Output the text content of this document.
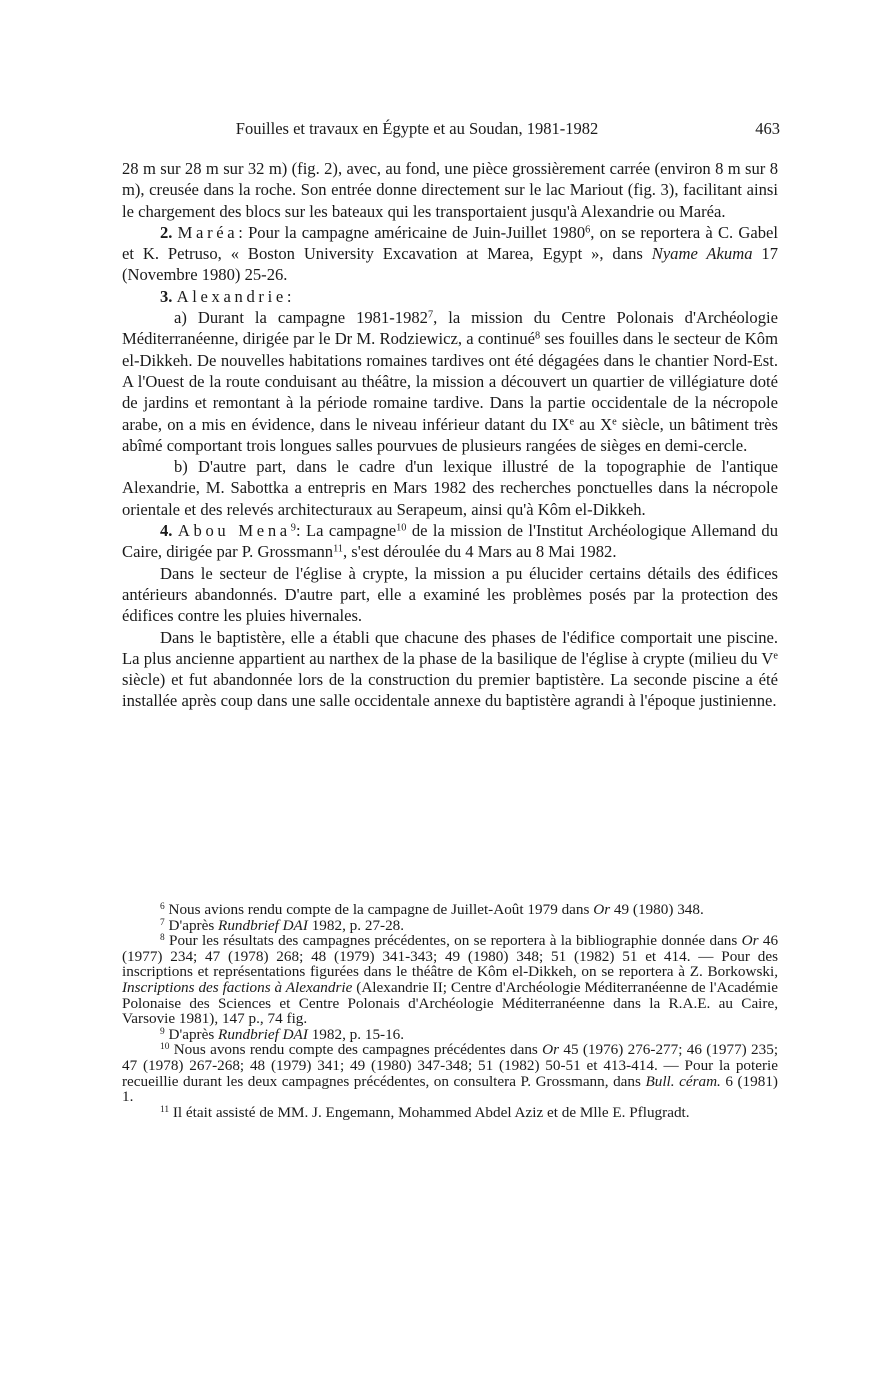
Fouilles et travaux en Égypte et au Soudan, 1981-1982	463

28 m sur 28 m sur 32 m) (fig. 2), avec, au fond, une pièce grossièrement carrée (environ 8 m sur 8 m), creusée dans la roche. Son entrée donne directement sur le lac Mariout (fig. 3), facilitant ainsi le chargement des blocs sur les bateaux qui les transportaient jusqu'à Alexandrie ou Maréa.

2. Maréa: Pour la campagne américaine de Juin-Juillet 1980$^6$, on se reportera à C. Gabel et K. Petruso, « Boston University Excavation at Marea, Egypt », dans Nyame Akuma 17 (Novembre 1980) 25-26.

3. Alexandrie:

a) Durant la campagne 1981-1982$^7$, la mission du Centre Polonais d'Archéologie Méditerranéenne, dirigée par le Dr M. Rodziewicz, a continué$^8$ ses fouilles dans le secteur de Kôm el-Dikkeh. De nouvelles habitations romaines tardives ont été dégagées dans le chantier Nord-Est. A l'Ouest de la route conduisant au théâtre, la mission a découvert un quartier de villégiature doté de jardins et remontant à la période romaine tardive. Dans la partie occidentale de la nécropole arabe, on a mis en évidence, dans le niveau inférieur datant du IXe au Xe siècle, un bâtiment très abîmé comportant trois longues salles pourvues de plusieurs rangées de sièges en demi-cercle.

b) D'autre part, dans le cadre d'un lexique illustré de la topographie de l'antique Alexandrie, M. Sabottka a entrepris en Mars 1982 des recherches ponctuelles dans la nécropole orientale et des relevés architecturaux au Serapeum, ainsi qu'à Kôm el-Dikkeh.

4. Abou Mena$^9$: La campagne$^{10}$ de la mission de l'Institut Archéologique Allemand du Caire, dirigée par P. Grossmann$^{11}$, s'est déroulée du 4 Mars au 8 Mai 1982.

Dans le secteur de l'église à crypte, la mission a pu élucider certains détails des édifices antérieurs abandonnés. D'autre part, elle a examiné les problèmes posés par la protection des édifices contre les pluies hivernales.

Dans le baptistère, elle a établi que chacune des phases de l'édifice comportait une piscine. La plus ancienne appartient au narthex de la phase de la basilique de l'église à crypte (milieu du Ve siècle) et fut abandonnée lors de la construction du premier baptistère. La seconde piscine a été installée après coup dans une salle occidentale annexe du baptistère agrandi à l'époque justinienne.

$^6$ Nous avions rendu compte de la campagne de Juillet-Août 1979 dans Or 49 (1980) 348.

$^7$ D'après Rundbrief DAI 1982, p. 27-28.

$^8$ Pour les résultats des campagnes précédentes, on se reportera à la bibliographie donnée dans Or 46 (1977) 234; 47 (1978) 268; 48 (1979) 341-343; 49 (1980) 348; 51 (1982) 51 et 414. — Pour des inscriptions et représentations figurées dans le théâtre de Kôm el-Dikkeh, on se reportera à Z. Borkowski, Inscriptions des factions à Alexandrie (Alexandrie II; Centre d'Archéologie Méditerranéenne de l'Académie Polonaise des Sciences et Centre Polonais d'Archéologie Méditerranéenne dans la R.A.E. au Caire, Varsovie 1981), 147 p., 74 fig.

$^9$ D'après Rundbrief DAI 1982, p. 15-16.

$^{10}$ Nous avons rendu compte des campagnes précédentes dans Or 45 (1976) 276-277; 46 (1977) 235; 47 (1978) 267-268; 48 (1979) 341; 49 (1980) 347-348; 51 (1982) 50-51 et 413-414. — Pour la poterie recueillie durant les deux campagnes précédentes, on consultera P. Grossmann, dans Bull. céram. 6 (1981) 1.

$^{11}$ Il était assisté de MM. J. Engemann, Mohammed Abdel Aziz et de Mlle E. Pflugradt.
